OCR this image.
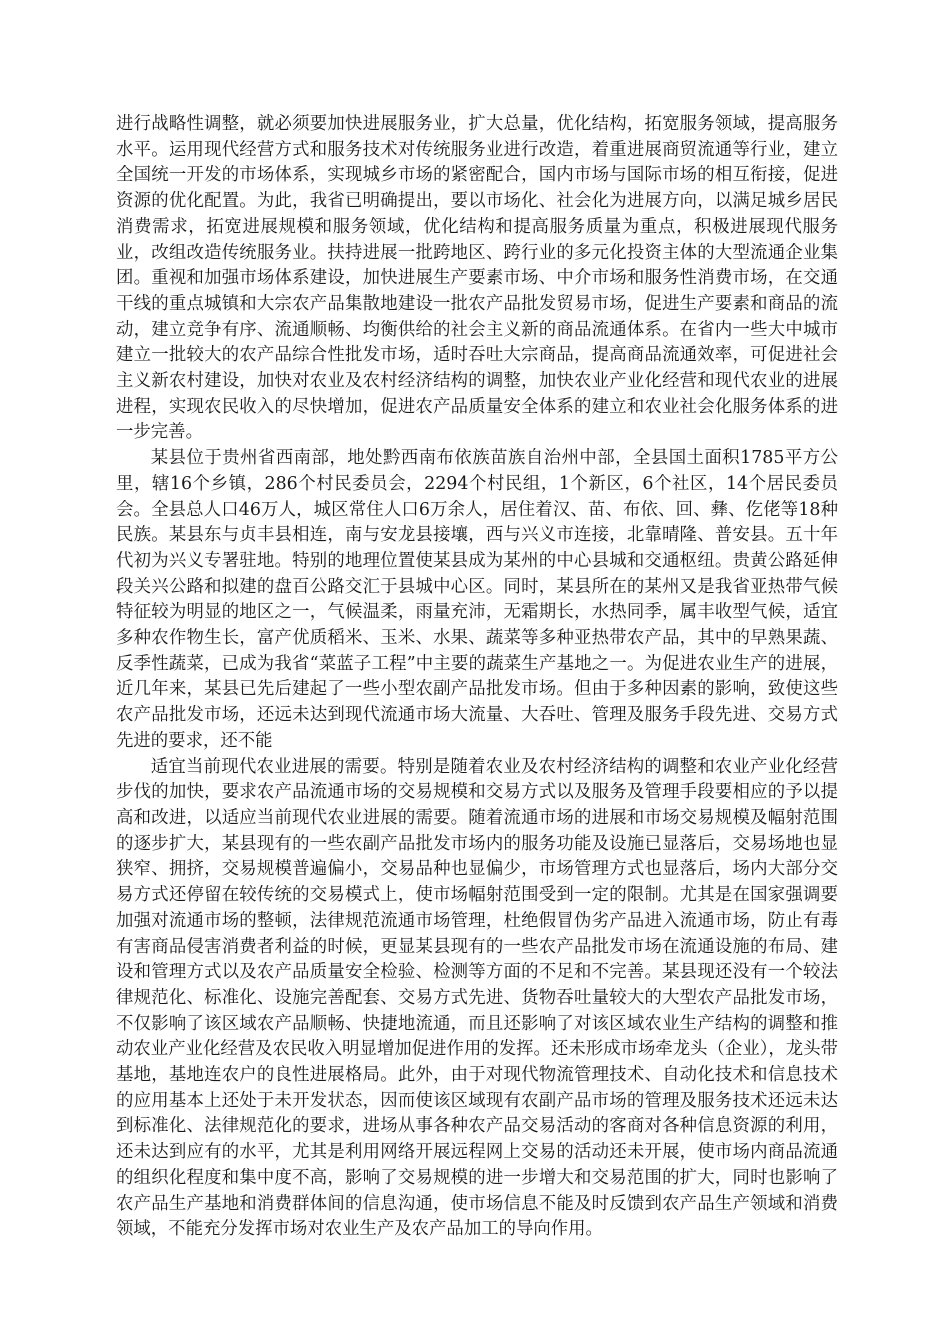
进行战略性调整，就必须要加快进展服务业，扩大总量，优化结构，拓宽服务领域，提高服务水平。运用现代经营方式和服务技术对传统服务业进行改造，着重进展商贸流通等行业，建立全国统一开发的市场体系，实现城乡市场的紧密配合，国内市场与国际市场的相互衔接，促进资源的优化配置。为此，我省已明确提出，要以市场化、社会化为进展方向，以满足城乡居民消费需求，拓宽进展规模和服务领域，优化结构和提高服务质量为重点，积极进展现代服务业，改组改造传统服务业。扶持进展一批跨地区、跨行业的多元化投资主体的大型流通企业集团。重视和加强市场体系建设，加快进展生产要素市场、中介市场和服务性消费市场，在交通干线的重点城镇和大宗农产品集散地建设一批农产品批发贸易市场，促进生产要素和商品的流动，建立竞争有序、流通顺畅、均衡供给的社会主义新的商品流通体系。在省内一些大中城市建立一批较大的农产品综合性批发市场，适时吞吐大宗商品，提高商品流通效率，可促进社会主义新农村建设，加快对农业及农村经济结构的调整，加快农业产业化经营和现代农业的进展进程，实现农民收入的尽快增加，促进农产品质量安全体系的建立和农业社会化服务体系的进一步完善。

某县位于贵州省西南部，地处黔西南布依族苗族自治州中部，全县国土面积1785平方公里，辖16个乡镇，286个村民委员会，2294个村民组，1个新区，6个社区，14个居民委员会。全县总人口46万人，城区常住人口6万余人，居住着汉、苗、布依、回、彝、仡佬等18种民族。某县东与贞丰县相连，南与安龙县接壤，西与兴义市连接，北靠晴隆、普安县。五十年代初为兴义专署驻地。特别的地理位置使某县成为某州的中心县城和交通枢纽。贵黄公路延伸段关兴公路和拟建的盘百公路交汇于县城中心区。同时，某县所在的某州又是我省亚热带气候特征较为明显的地区之一，气候温柔，雨量充沛，无霜期长，水热同季，属丰收型气候，适宜多种农作物生长，富产优质稻米、玉米、水果、蔬菜等多种亚热带农产品，其中的早熟果蔬、反季性蔬菜，已成为我省“菜蓝子工程”中主要的蔬菜生产基地之一。为促进农业生产的进展，近几年来，某县已先后建起了一些小型农副产品批发市场。但由于多种因素的影响，致使这些农产品批发市场，还远未达到现代流通市场大流量、大吞吐、管理及服务手段先进、交易方式先进的要求，还不能

适宜当前现代农业进展的需要。特别是随着农业及农村经济结构的调整和农业产业化经营步伐的加快，要求农产品流通市场的交易规模和交易方式以及服务及管理手段要相应的予以提高和改进，以适应当前现代农业进展的需要。随着流通市场的进展和市场交易规模及幅射范围的逐步扩大，某县现有的一些农副产品批发市场内的服务功能及设施已显落后，交易场地也显狭窄、拥挤，交易规模普遍偏小，交易品种也显偏少，市场管理方式也显落后，场内大部分交易方式还停留在较传统的交易模式上，使市场幅射范围受到一定的限制。尤其是在国家强调要加强对流通市场的整顿，法律规范流通市场管理，杜绝假冒伪劣产品进入流通市场，防止有毒有害商品侵害消费者利益的时候，更显某县现有的一些农产品批发市场在流通设施的布局、建设和管理方式以及农产品质量安全检验、检测等方面的不足和不完善。某县现还没有一个较法律规范化、标准化、设施完善配套、交易方式先进、货物吞吐量较大的大型农产品批发市场，不仅影响了该区域农产品顺畅、快捷地流通，而且还影响了对该区域农业生产结构的调整和推动农业产业化经营及农民收入明显增加促进作用的发挥。还未形成市场牵龙头（企业），龙头带基地，基地连农户的良性进展格局。此外，由于对现代物流管理技术、自动化技术和信息技术的应用基本上还处于未开发状态，因而使该区域现有农副产品市场的管理及服务技术还远未达到标准化、法律规范化的要求，进场从事各种农产品交易活动的客商对各种信息资源的利用，还未达到应有的水平，尤其是利用网络开展远程网上交易的活动还未开展，使市场内商品流通的组织化程度和集中度不高，影响了交易规模的进一步增大和交易范围的扩大，同时也影响了农产品生产基地和消费群体间的信息沟通，使市场信息不能及时反馈到农产品生产领域和消费领域，不能充分发挥市场对农业生产及农产品加工的导向作用。
